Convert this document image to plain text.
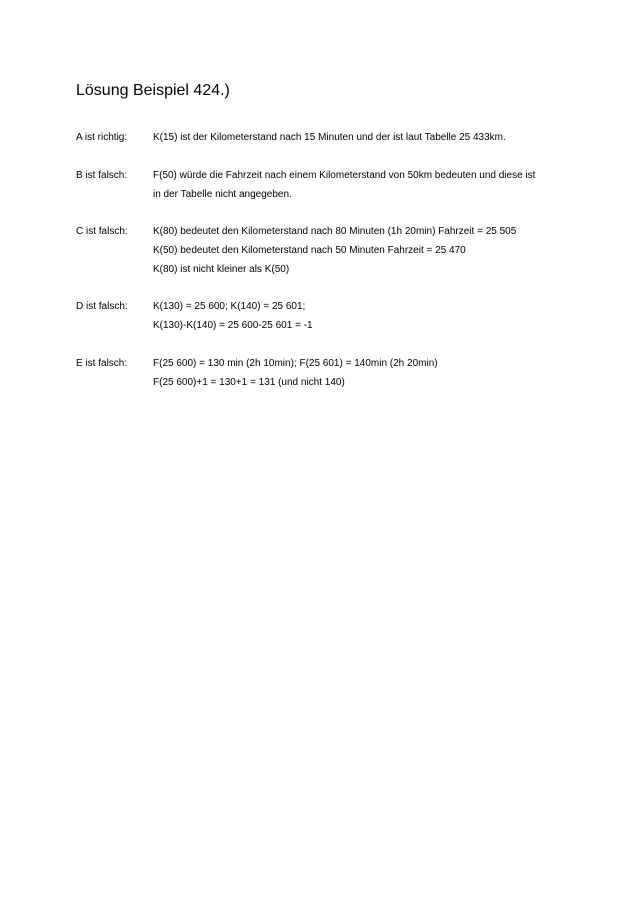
Lösung Beispiel 424.)
A ist richtig:	K(15) ist der Kilometerstand nach 15 Minuten und der ist laut Tabelle 25 433km.
B ist falsch:	F(50) würde die Fahrzeit nach einem Kilometerstand von 50km bedeuten und diese ist
in der Tabelle nicht angegeben.
C ist falsch:	K(80) bedeutet den Kilometerstand nach 80 Minuten (1h 20min) Fahrzeit = 25 505
K(50) bedeutet den Kilometerstand nach 50 Minuten Fahrzeit = 25 470
K(80) ist nicht kleiner als K(50)
D ist falsch:	K(130) = 25 600; K(140) = 25 601;
K(130)-K(140) = 25 600-25 601 = -1
E ist falsch:	F(25 600) = 130 min (2h 10min); F(25 601) = 140min (2h 20min)
F(25 600)+1 = 130+1 = 131 (und nicht 140)
